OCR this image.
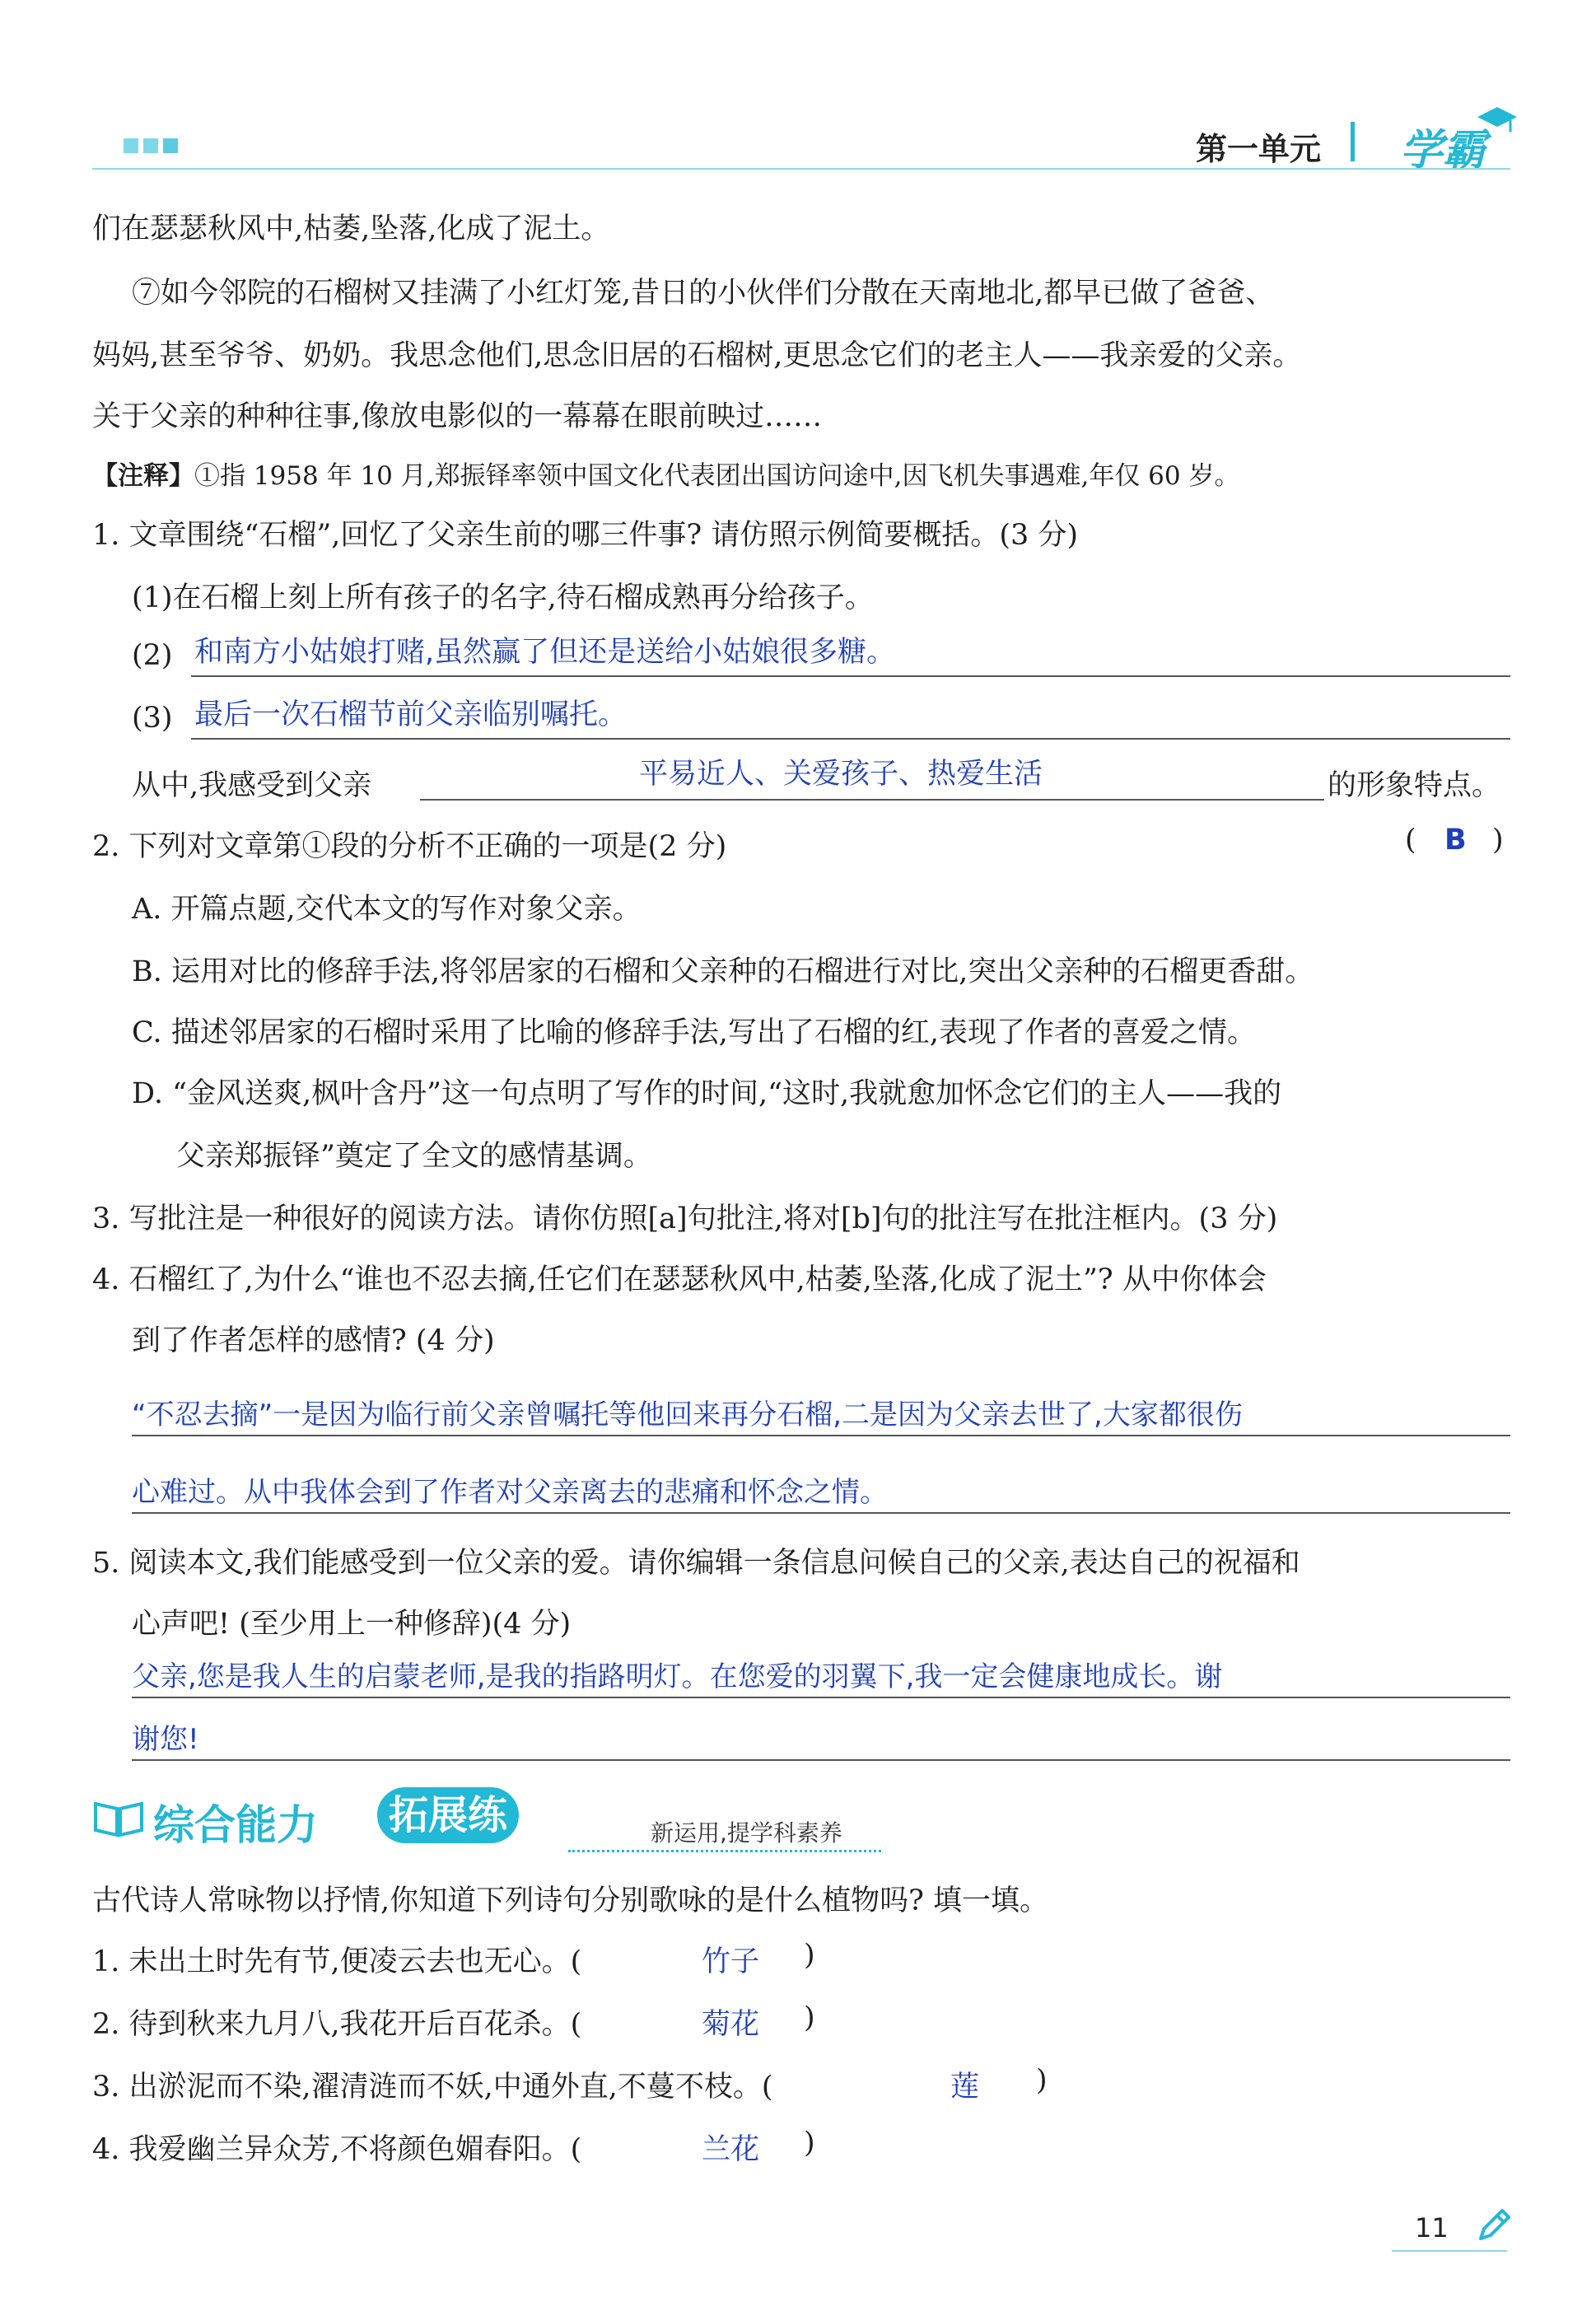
第一单元 学霸
们在瑟瑟秋风中,枯萎,坠落,化成了泥土。
⑦如今邻院的石榴树又挂满了小红灯笼,昔日的小伙伴们分散在天南地北,都早已做了爸爸、
妈妈,甚至爷爷、奶奶。我思念他们,思念旧居的石榴树,更思念它们的老主人——我亲爱的父亲。
关于父亲的种种往事,像放电影似的一幕幕在眼前映过……
【注释】①指 1958 年 10 月,郑振铎率领中国文化代表团出国访问途中,因飞机失事遇难,年仅 60 岁。
1. 文章围绕“石榴”,回忆了父亲生前的哪三件事? 请仿照示例简要概括。(3 分)
(1)在石榴上刻上所有孩子的名字,待石榴成熟再分给孩子。
(2) 和南方小姑娘打赌,虽然赢了但还是送给小姑娘很多糖。
(3) 最后一次石榴节前父亲临别嘱托。
从中,我感受到父亲	平易近人、关爱孩子、热爱生活	的形象特点。
2. 下列对文章第①段的分析不正确的一项是(2 分)	( B )
A. 开篇点题,交代本文的写作对象父亲。
B. 运用对比的修辞手法,将邻居家的石榴和父亲种的石榴进行对比,突出父亲种的石榴更香甜。
C. 描述邻居家的石榴时采用了比喻的修辞手法,写出了石榴的红,表现了作者的喜爱之情。
D. “金风送爽,枫叶含丹”这一句点明了写作的时间,“这时,我就愈加怀念它们的主人——我的
父亲郑振铎”奠定了全文的感情基调。
3. 写批注是一种很好的阅读方法。请你仿照[a]句批注,将对[b]句的批注写在批注框内。(3 分)
4. 石榴红了,为什么“谁也不忍去摘,任它们在瑟瑟秋风中,枯萎,坠落,化成了泥土”? 从中你体会
到了作者怎样的感情? (4 分)
“不忍去摘”一是因为临行前父亲曾嘱托等他回来再分石榴,二是因为父亲去世了,大家都很伤
心难过。从中我体会到了作者对父亲离去的悲痛和怀念之情。
5. 阅读本文,我们能感受到一位父亲的爱。请你编辑一条信息问候自己的父亲,表达自己的祝福和
心声吧! (至少用上一种修辞)(4 分)
父亲,您是我人生的启蒙老师,是我的指路明灯。在您爱的羽翼下,我一定会健康地成长。谢
谢您!
综合能力 拓展练	新运用,提学科素养
古代诗人常咏物以抒情,你知道下列诗句分别歌咏的是什么植物吗? 填一填。
1. 未出土时先有节,便凌云去也无心。(	竹子 )
2. 待到秋来九月八,我花开后百花杀。(	菊花 )
3. 出淤泥而不染,濯清涟而不妖,中通外直,不蔓不枝。(	莲 )
4. 我爱幽兰异众芳,不将颜色媚春阳。(	兰花 )
11
